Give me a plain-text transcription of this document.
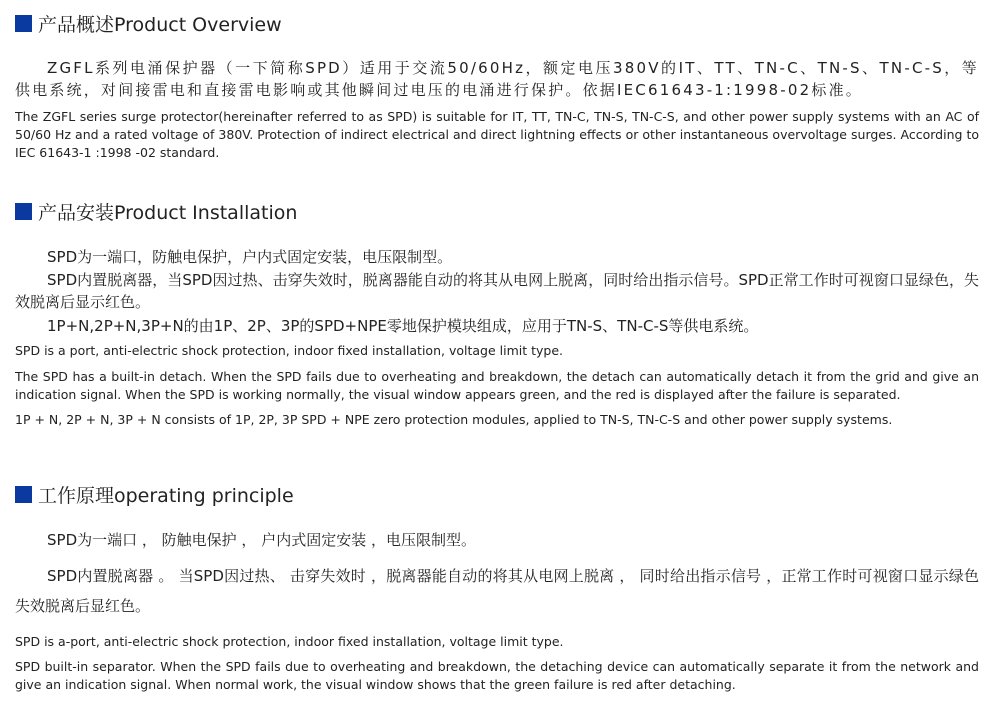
产品概述Product Overview
ZGFL系列电涌保护器（一下简称SPD）适用于交流50/60Hz，额定电压380V的IT、TT、TN-C、TN-S、TN-C-S，等供电系统，对间接雷电和直接雷电影响或其他瞬间过电压的电涌进行保护。依据IEC61643-1:1998-02标准。
The ZGFL series surge protector(hereinafter referred to as SPD) is suitable for IT, TT, TN-C, TN-S, TN-C-S, and other power supply systems with an AC of 50/60 Hz and a rated voltage of 380V. Protection of indirect electrical and direct lightning effects or other instantaneous overvoltage surges. According to IEC 61643-1 :1998 -02 standard.
产品安装Product Installation
SPD为一端口，防触电保护，户内式固定安装，电压限制型。
SPD内置脱离器，当SPD因过热、击穿失效时，脱离器能自动的将其从电网上脱离，同时给出指示信号。SPD正常工作时可视窗口显绿色，失效脱离后显示红色。
1P+N,2P+N,3P+N的由1P、2P、3P的SPD+NPE零地保护模块组成，应用于TN-S、TN-C-S等供电系统。
SPD is a port, anti-electric shock protection, indoor fixed installation, voltage limit type.
The SPD has a built-in detach. When the SPD fails due to overheating and breakdown, the detach can automatically detach it from the grid and give an indication signal. When the SPD is working normally, the visual window appears green, and the red is displayed after the failure is separated.
1P + N, 2P + N, 3P + N consists of 1P, 2P, 3P SPD + NPE zero protection modules, applied to TN-S, TN-C-S and other power supply systems.
工作原理operating principle
SPD为一端口 ， 防触电保护 ， 户内式固定安装 ，电压限制型。
SPD内置脱离器 。 当SPD因过热、 击穿失效时 ，脱离器能自动的将其从电网上脱离 ， 同时给出指示信号 ，正常工作时可视窗口显示绿色失效脱离后显红色。
SPD is a-port, anti-electric shock protection, indoor fixed installation, voltage limit type.
SPD built-in separator. When the SPD fails due to overheating and breakdown, the detaching device can automatically separate it from the network and give an indication signal. When normal work, the visual window shows that the green failure is red after detaching.
